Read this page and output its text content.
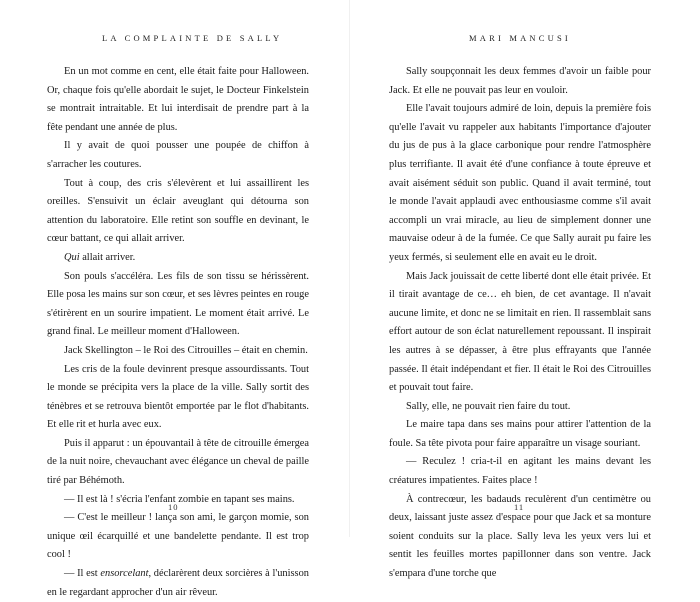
LA COMPLAINTE DE SALLY

En un mot comme en cent, elle était faite pour Halloween. Or, chaque fois qu'elle abordait le sujet, le Docteur Finkelstein se montrait intraitable. Et lui interdisait de prendre part à la fête pendant une année de plus.

Il y avait de quoi pousser une poupée de chiffon à s'arracher les coutures.

Tout à coup, des cris s'élevèrent et lui assaillirent les oreilles. S'ensuivit un éclair aveuglant qui détourna son attention du laboratoire. Elle retint son souffle en devinant, le cœur battant, ce qui allait arriver.

Qui allait arriver.

Son pouls s'accéléra. Les fils de son tissu se hérissèrent. Elle posa les mains sur son cœur, et ses lèvres peintes en rouge s'étirèrent en un sourire impatient. Le moment était arrivé. Le grand final. Le meilleur moment d'Halloween.

Jack Skellington – le Roi des Citrouilles – était en chemin.

Les cris de la foule devinrent presque assourdissants. Tout le monde se précipita vers la place de la ville. Sally sortit des ténèbres et se retrouva bientôt emportée par le flot d'habitants. Et elle rit et hurla avec eux.

Puis il apparut : un épouvantail à tête de citrouille émergea de la nuit noire, chevauchant avec élégance un cheval de paille tiré par Béhémoth.

— Il est là ! s'écria l'enfant zombie en tapant ses mains.

— C'est le meilleur ! lança son ami, le garçon momie, son unique œil écarquillé et une bandelette pendante. Il est trop cool !

— Il est ensorcelant, déclarèrent deux sorcières à l'unisson en le regardant approcher d'un air rêveur.

10
MARI MANCUSI

Sally soupçonnait les deux femmes d'avoir un faible pour Jack. Et elle ne pouvait pas leur en vouloir.

Elle l'avait toujours admiré de loin, depuis la première fois qu'elle l'avait vu rappeler aux habitants l'importance d'ajouter du jus de pus à la glace carbonique pour rendre l'atmosphère plus terrifiante. Il avait été d'une confiance à toute épreuve et avait aisément séduit son public. Quand il avait terminé, tout le monde l'avait applaudi avec enthousiasme comme s'il avait accompli un vrai miracle, au lieu de simplement donner une mauvaise odeur à de la fumée. Ce que Sally aurait pu faire les yeux fermés, si seulement elle en avait eu le droit.

Mais Jack jouissait de cette liberté dont elle était privée. Et il tirait avantage de ce… eh bien, de cet avantage. Il n'avait aucune limite, et donc ne se limitait en rien. Il rassemblait sans effort autour de son éclat naturellement repoussant. Il inspirait les autres à se dépasser, à être plus effrayants que l'année passée. Il était indépendant et fier. Il était le Roi des Citrouilles et pouvait tout faire.

Sally, elle, ne pouvait rien faire du tout.

Le maire tapa dans ses mains pour attirer l'attention de la foule. Sa tête pivota pour faire apparaître un visage souriant.

— Reculez ! cria-t-il en agitant les mains devant les créatures impatientes. Faites place !

À contrecœur, les badauds reculèrent d'un centimètre ou deux, laissant juste assez d'espace pour que Jack et sa monture soient conduits sur la place. Sally leva les yeux vers lui et sentit les feuilles mortes papillonner dans son ventre. Jack s'empara d'une torche que

11
